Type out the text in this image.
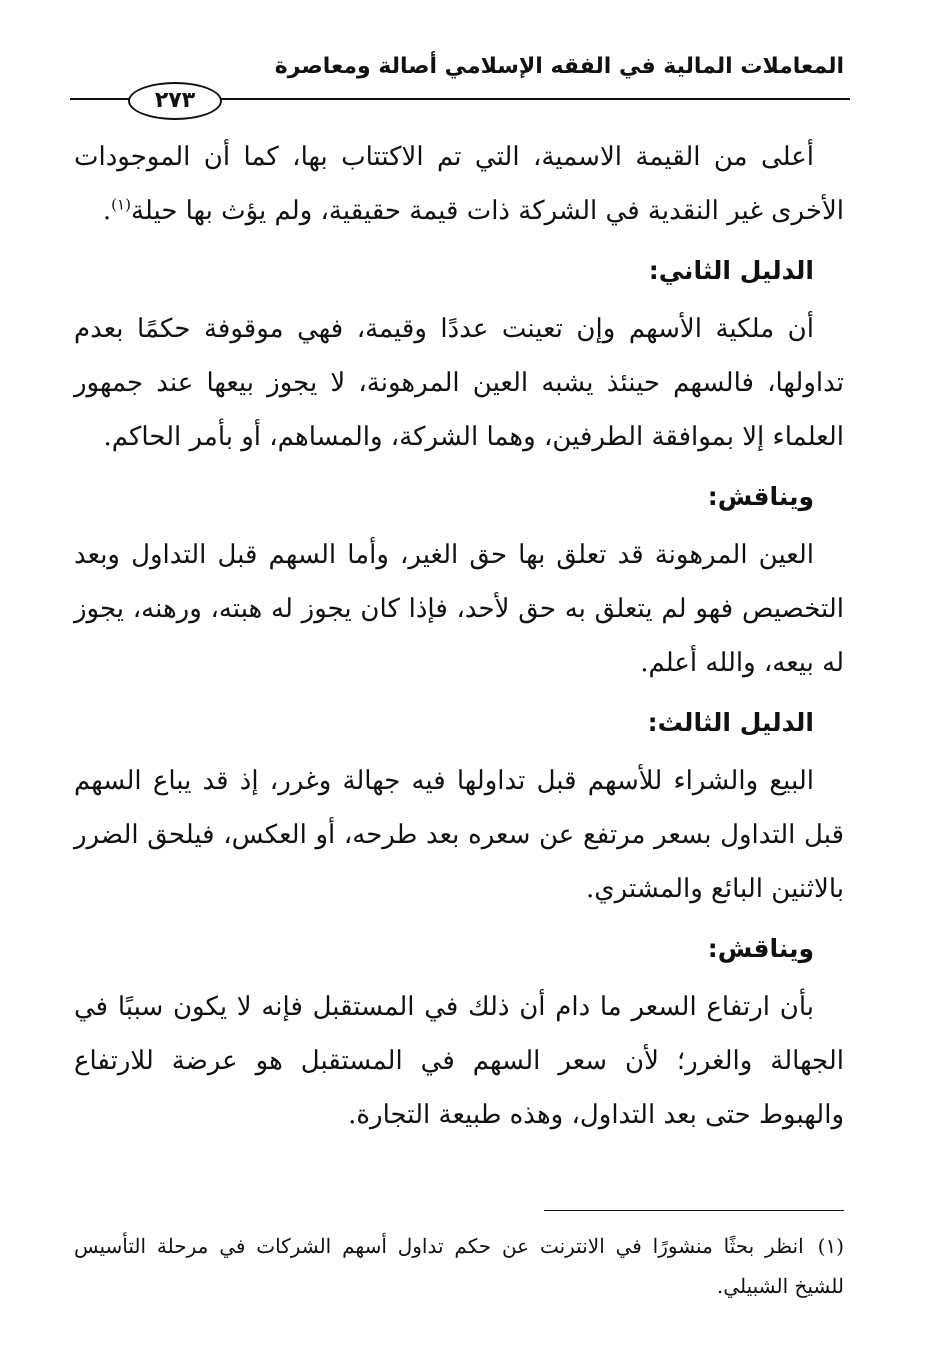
المعاملات المالية في الفقه الإسلامي أصالة ومعاصرة
٢٧٣

أعلى من القيمة الاسمية، التي تم الاكتتاب بها، كما أن الموجودات الأخرى غير النقدية في الشركة ذات قيمة حقيقية، ولم يؤث بها حيلة$^{(١)}$.

الدليل الثاني:

أن ملكية الأسهم وإن تعينت عددًا وقيمة، فهي موقوفة حكمًا بعدم تداولها، فالسهم حينئذ يشبه العين المرهونة، لا يجوز بيعها عند جمهور العلماء إلا بموافقة الطرفين، وهما الشركة، والمساهم، أو بأمر الحاكم.

ويناقش:

العين المرهونة قد تعلق بها حق الغير، وأما السهم قبل التداول وبعد التخصيص فهو لم يتعلق به حق لأحد، فإذا كان يجوز له هبته، ورهنه، يجوز له بيعه، والله أعلم.

الدليل الثالث:

البيع والشراء للأسهم قبل تداولها فيه جهالة وغرر، إذ قد يباع السهم قبل التداول بسعر مرتفع عن سعره بعد طرحه، أو العكس، فيلحق الضرر بالاثنين البائع والمشتري.

ويناقش:

بأن ارتفاع السعر ما دام أن ذلك في المستقبل فإنه لا يكون سببًا في الجهالة والغرر؛ لأن سعر السهم في المستقبل هو عرضة للارتفاع والهبوط حتى بعد التداول، وهذه طبيعة التجارة.

(١)انظر بحثًا منشورًا في الانترنت عن حكم تداول أسهم الشركات في مرحلة التأسيس للشيخ الشبيلي.
